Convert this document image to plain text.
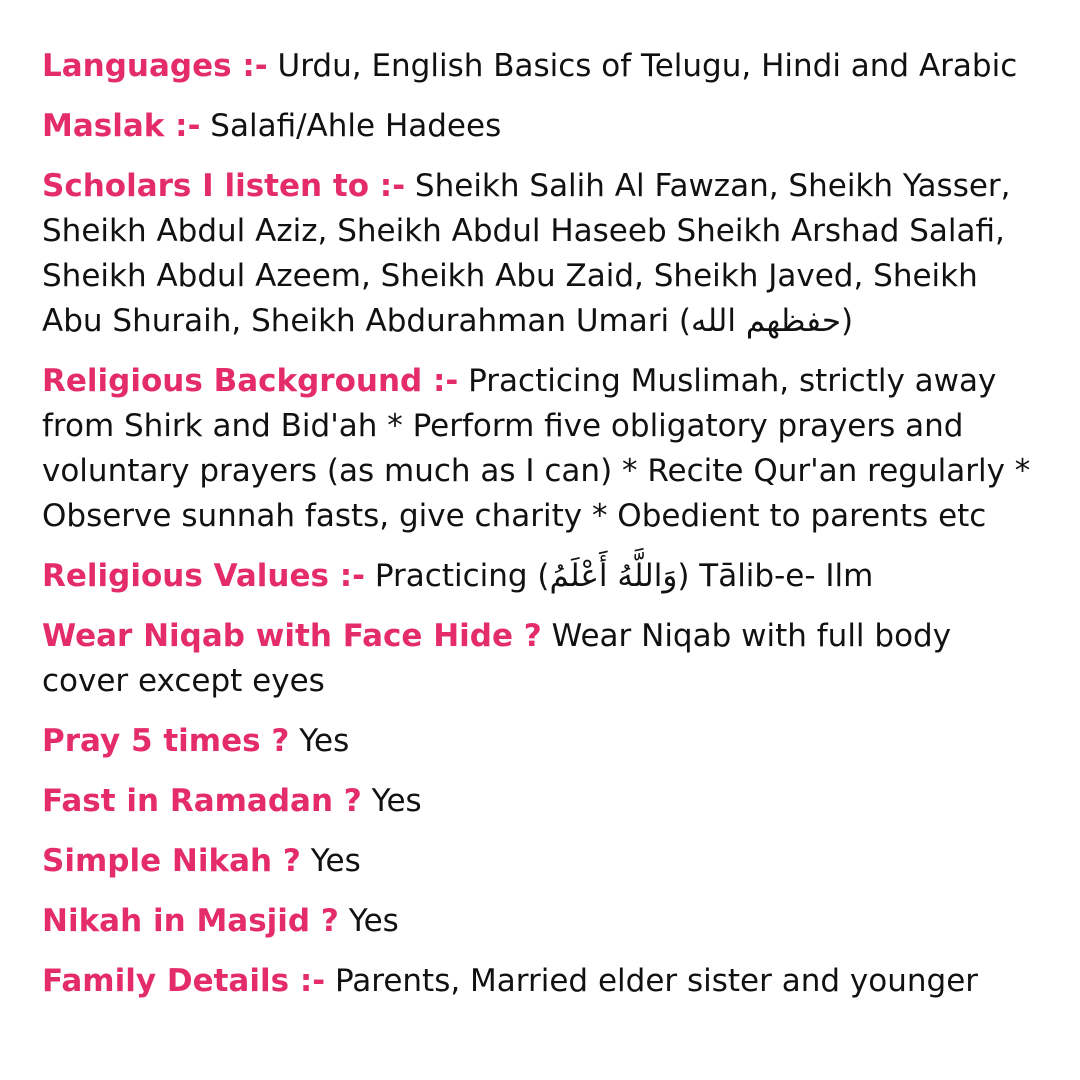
Languages :- Urdu, English Basics of Telugu, Hindi and Arabic

Maslak :- Salafi/Ahle Hadees

Scholars I listen to :- Sheikh Salih Al Fawzan, Sheikh Yasser, Sheikh Abdul Aziz, Sheikh Abdul Haseeb Sheikh Arshad Salafi, Sheikh Abdul Azeem, Sheikh Abu Zaid, Sheikh Javed, Sheikh Abu Shuraih, Sheikh Abdurahman Umari (حفظهم الله)

Religious Background :- Practicing Muslimah, strictly away from Shirk and Bid'ah * Perform five obligatory prayers and voluntary prayers (as much as I can) * Recite Qur'an regularly * Observe sunnah fasts, give charity * Obedient to parents etc

Religious Values :- Practicing (وَاللَّهُ أَعْلَمُ) Tālib-e- Ilm

Wear Niqab with Face Hide ? Wear Niqab with full body cover except eyes

Pray 5 times ? Yes

Fast in Ramadan ? Yes

Simple Nikah ? Yes

Nikah in Masjid ? Yes

Family Details :- Parents, Married elder sister and younger
